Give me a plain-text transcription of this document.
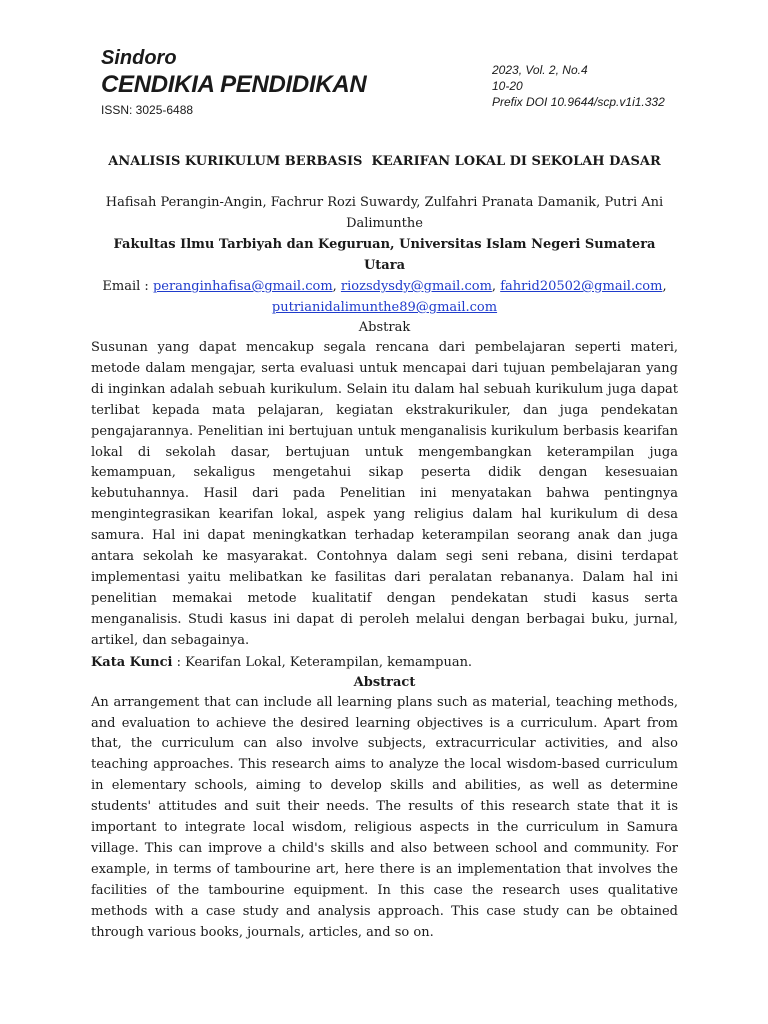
Sindoro
CENDIKIA PENDIDIKAN
ISSN: 3025-6488
2023, Vol. 2, No.4
10-20
Prefix DOI 10.9644/scp.v1i1.332
ANALISIS KURIKULUM BERBASIS  KEARIFAN LOKAL DI SEKOLAH DASAR
Hafisah Perangin-Angin, Fachrur Rozi Suwardy, Zulfahri Pranata Damanik, Putri Ani Dalimunthe
Fakultas Ilmu Tarbiyah dan Keguruan, Universitas Islam Negeri Sumatera Utara
Email : peranginhafisa@gmail.com, riozsdysdy@gmail.com, fahrid20502@gmail.com,
putrianidalimunthe89@gmail.com
Abstrak

Susunan yang dapat mencakup segala rencana dari pembelajaran seperti materi, metode dalam mengajar, serta evaluasi untuk mencapai dari tujuan pembelajaran yang di inginkan adalah sebuah kurikulum. Selain itu dalam hal sebuah kurikulum juga dapat terlibat kepada mata pelajaran, kegiatan ekstrakurikuler, dan juga pendekatan pengajarannya. Penelitian ini bertujuan untuk menganalisis kurikulum berbasis kearifan lokal di sekolah dasar, bertujuan untuk mengembangkan keterampilan juga kemampuan, sekaligus mengetahui sikap peserta didik dengan kesesuaian kebutuhannya. Hasil dari pada Penelitian ini menyatakan bahwa pentingnya mengintegrasikan kearifan lokal, aspek yang religius dalam hal kurikulum di desa samura. Hal ini dapat meningkatkan terhadap keterampilan seorang anak dan juga antara sekolah ke masyarakat. Contohnya dalam segi seni rebana, disini terdapat implementasi yaitu melibatkan ke fasilitas dari peralatan rebananya. Dalam hal ini penelitian memakai metode kualitatif dengan pendekatan studi kasus serta menganalisis. Studi kasus ini dapat di peroleh melalui dengan berbagai buku, jurnal, artikel, dan sebagainya.

Kata Kunci : Kearifan Lokal, Keterampilan, kemampuan.
Abstract

An arrangement that can include all learning plans such as material, teaching methods, and evaluation to achieve the desired learning objectives is a curriculum. Apart from that, the curriculum can also involve subjects, extracurricular activities, and also teaching approaches. This research aims to analyze the local wisdom-based curriculum in elementary schools, aiming to develop skills and abilities, as well as determine students' attitudes and suit their needs. The results of this research state that it is important to integrate local wisdom, religious aspects in the curriculum in Samura village. This can improve a child's skills and also between school and community. For example, in terms of tambourine art, here there is an implementation that involves the facilities of the tambourine equipment. In this case the research uses qualitative methods with a case study and analysis approach. This case study can be obtained through various books, journals, articles, and so on.
